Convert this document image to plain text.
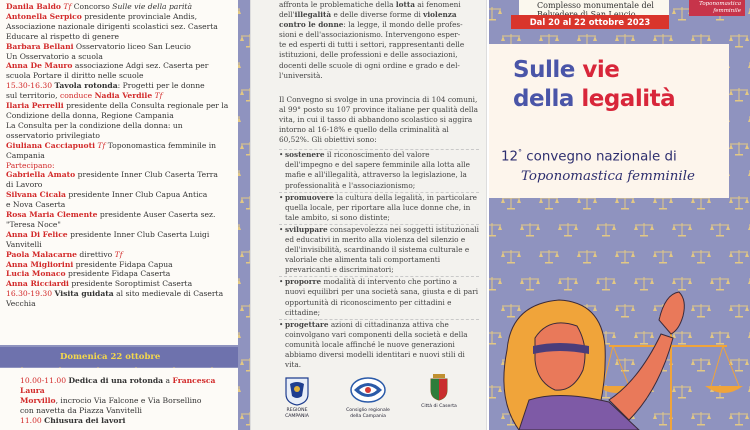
Danila Baldo Tf Concorso Sulle vie della parità

Antonella Serpico presidente provinciale Andis,

Associazione nazionale dirigenti scolastici sez. Caserta

Educare al rispetto di genere

Barbara Bellani Osservatorio liceo San Leucio

Un Osservatorio a scuola

Anna De Mauro associazione Adgi sez. Caserta per

scuola Portare il diritto nelle scuole

15.30-16.30 Tavola rotonda: Progetti per le donne

sul territorio, conduce Nadia Verdile Tf

Ilaria Perrelli presidente della Consulta regionale per la

Condizione della donna, Regione Campania

La Consulta per la condizione della donna: un

osservatorio privilegiato

Giuliana Cacciapuoti Tf Toponomastica femminile in

Campania

Partecipano:

Gabriella Amato presidente Inner Club Caserta Terra

di Lavoro

Silvana Cicala presidente Inner Club Capua Antica

e Nova Caserta

Rosa Maria Clemente presidente Auser Caserta sez.

"Teresa Noce"

Anna Di Felice presidente Inner Club Caserta Luigi

Vanvitelli

Paola Malacarne direttivo Tf

Anna Migliorini presidente Fidapa Capua

Lucia Monaco presidente Fidapa Caserta

Anna Ricciardi presidente Soroptimist Caserta

16.30-19.30 Visita guidata al sito medievale di Caserta

Vecchia

Domenica 22 ottobre

10.00-11.00 Dedica di una rotonda a Francesca Laura

Morvillo, incrocio Via Falcone e Via Borsellino

con navetta da Piazza Vanvitelli

11.00 Chiusura dei lavori

affronta le problematiche della lotta ai fenomeni
dell'illegalità e delle diverse forme di violenza
contro le donne: la legge, il mondo delle profes-
sioni e dell'associazionismo. Intervengono esper-
te ed esperti di tutti i settori, rappresentanti delle
istituzioni, delle professioni e delle associazioni,
docenti delle scuole di ogni ordine e grado e del-
l'università.

Il Convegno si svolge in una provincia di 104 comuni, al 99° posto su 107 province italiane per qualità della vita, in cui il tasso di abbandono scolastico si aggira intorno al 16-18% e quello della criminalità al 60,52%. Gli obiettivi sono:

• sostenere il riconoscimento del valore dell'impegno e del sapere femminile alla lotta alle mafie e all'illegalità, attraverso la legislazione, la professionalità e l'associazionismo;
• promuovere la cultura della legalità, in particolare quella locale, per riportare alla luce donne che, in tale ambito, si sono distinte;
• sviluppare consapevolezza nei soggetti istituzionali ed educativi in merito alla violenza del silenzio e dell'invisibilità, scardinando il sistema culturale e valoriale che alimenta tali comportamenti prevaricanti e discriminatori;
• proporre modalità di intervento che portino a nuovi equilibri per una società sana, giusta e di pari opportunità di riconoscimento per cittadini e cittadine;
• progettare azioni di cittadinanza attiva che coinvolgano vari componenti della società e della comunità locale affinché le nuove generazioni abbiamo diversi modelli identitari e nuovi stili di vita.
REGIONE CAMPANIA
Consiglio regionale della Campania
Città di Caserta
Complesso monumentale del
Dal 20 al 22 ottobre 2023
Toponomastica
femminile
Sulle vie
della legalità
12° convegno nazionale di
Toponomastica femminile
